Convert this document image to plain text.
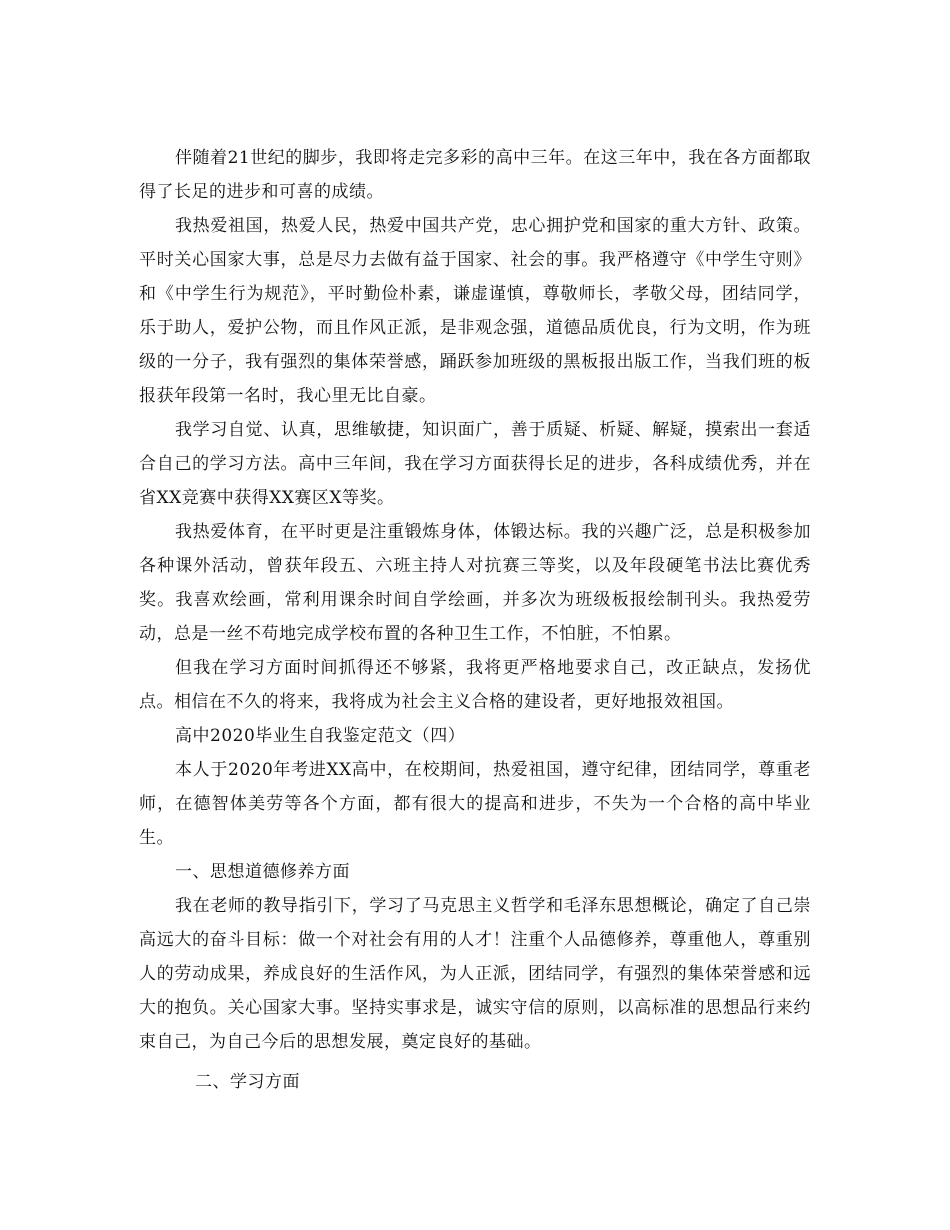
伴随着21世纪的脚步，我即将走完多彩的高中三年。在这三年中，我在各方面都取得了长足的进步和可喜的成绩。

我热爱祖国，热爱人民，热爱中国共产党，忠心拥护党和国家的重大方针、政策。平时关心国家大事，总是尽力去做有益于国家、社会的事。我严格遵守《中学生守则》和《中学生行为规范》，平时勤俭朴素，谦虚谨慎，尊敬师长，孝敬父母，团结同学，乐于助人，爱护公物，而且作风正派，是非观念强，道德品质优良，行为文明，作为班级的一分子，我有强烈的集体荣誉感，踊跃参加班级的黑板报出版工作，当我们班的板报获年段第一名时，我心里无比自豪。

我学习自觉、认真，思维敏捷，知识面广，善于质疑、析疑、解疑，摸索出一套适合自己的学习方法。高中三年间，我在学习方面获得长足的进步，各科成绩优秀，并在省XX竞赛中获得XX赛区X等奖。

我热爱体育，在平时更是注重锻炼身体，体锻达标。我的兴趣广泛，总是积极参加各种课外活动，曾获年段五、六班主持人对抗赛三等奖，以及年段硬笔书法比赛优秀奖。我喜欢绘画，常利用课余时间自学绘画，并多次为班级板报绘制刊头。我热爱劳动，总是一丝不苟地完成学校布置的各种卫生工作，不怕脏，不怕累。

但我在学习方面时间抓得还不够紧，我将更严格地要求自己，改正缺点，发扬优点。相信在不久的将来，我将成为社会主义合格的建设者，更好地报效祖国。

高中2020毕业生自我鉴定范文（四）

本人于2020年考进XX高中，在校期间，热爱祖国，遵守纪律，团结同学，尊重老师，在德智体美劳等各个方面，都有很大的提高和进步，不失为一个合格的高中毕业生。

一、思想道德修养方面

我在老师的教导指引下，学习了马克思主义哲学和毛泽东思想概论，确定了自己崇高远大的奋斗目标：做一个对社会有用的人才！注重个人品德修养，尊重他人，尊重别人的劳动成果，养成良好的生活作风，为人正派，团结同学，有强烈的集体荣誉感和远大的抱负。关心国家大事。坚持实事求是，诚实守信的原则，以高标准的思想品行来约束自己，为自己今后的思想发展，奠定良好的基础。

二、学习方面
